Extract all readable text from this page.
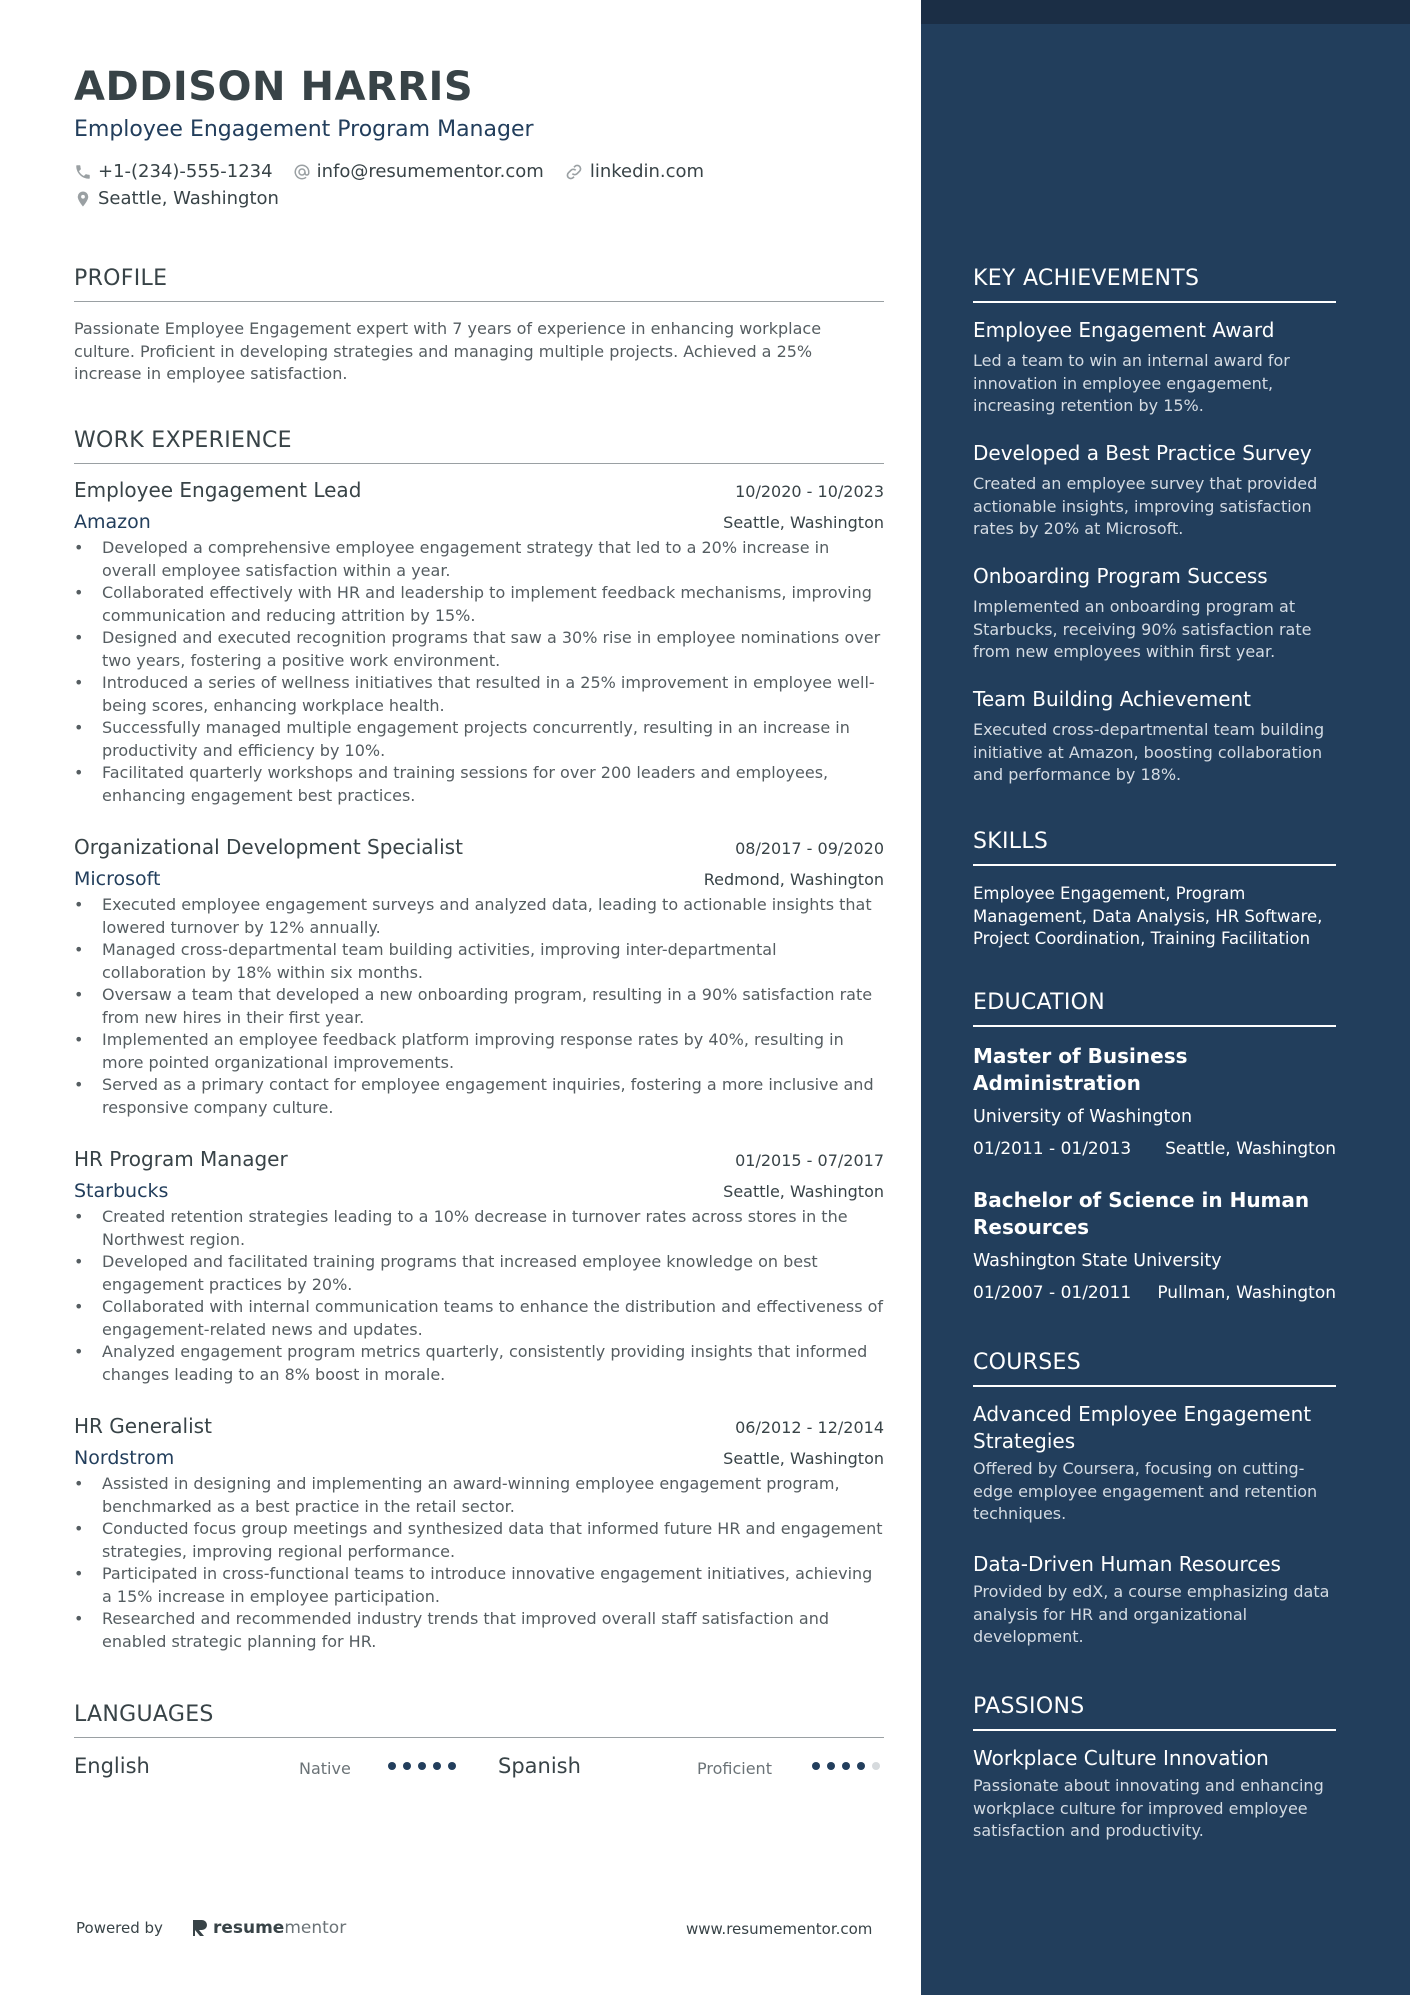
ADDISON HARRIS
Employee Engagement Program Manager
+1-(234)-555-1234 info@resumementor.com	linkedin.com
Seattle, Washington
PROFILE
Passionate Employee Engagement expert with 7 years of experience in enhancing workplace culture. Proficient in developing strategies and managing multiple projects. Achieved a 25% increase in employee satisfaction.
WORK EXPERIENCE
Employee Engagement Lead	10/2020 - 10/2023
Amazon	Seattle, Washington
• Developed a comprehensive employee engagement strategy that led to a 20% increase in overall employee satisfaction within a year.
• Collaborated effectively with HR and leadership to implement feedback mechanisms, improving communication and reducing attrition by 15%.
• Designed and executed recognition programs that saw a 30% rise in employee nominations over two years, fostering a positive work environment.
• Introduced a series of wellness initiatives that resulted in a 25% improvement in employee well-being scores, enhancing workplace health.
• Successfully managed multiple engagement projects concurrently, resulting in an increase in productivity and efficiency by 10%.
• Facilitated quarterly workshops and training sessions for over 200 leaders and employees, enhancing engagement best practices.
Organizational Development Specialist	08/2017 - 09/2020
Microsoft	Redmond, Washington
• Executed employee engagement surveys and analyzed data, leading to actionable insights that lowered turnover by 12% annually.
• Managed cross-departmental team building activities, improving inter-departmental collaboration by 18% within six months.
• Oversaw a team that developed a new onboarding program, resulting in a 90% satisfaction rate from new hires in their first year.
• Implemented an employee feedback platform improving response rates by 40%, resulting in more pointed organizational improvements.
• Served as a primary contact for employee engagement inquiries, fostering a more inclusive and responsive company culture.
HR Program Manager	01/2015 - 07/2017
Starbucks	Seattle, Washington
• Created retention strategies leading to a 10% decrease in turnover rates across stores in the Northwest region.
• Developed and facilitated training programs that increased employee knowledge on best engagement practices by 20%.
• Collaborated with internal communication teams to enhance the distribution and effectiveness of engagement-related news and updates.
• Analyzed engagement program metrics quarterly, consistently providing insights that informed changes leading to an 8% boost in morale.
HR Generalist	06/2012 - 12/2014
Nordstrom	Seattle, Washington
• Assisted in designing and implementing an award-winning employee engagement program, benchmarked as a best practice in the retail sector.
• Conducted focus group meetings and synthesized data that informed future HR and engagement strategies, improving regional performance.
• Participated in cross-functional teams to introduce innovative engagement initiatives, achieving a 15% increase in employee participation.
• Researched and recommended industry trends that improved overall staff satisfaction and enabled strategic planning for HR.
LANGUAGES
English	Native	Spanish	Proficient
Powered by	resume mentor	www.resumementor.com
KEY ACHIEVEMENTS
Employee Engagement Award
Led a team to win an internal award for innovation in employee engagement, increasing retention by 15%.
Developed a Best Practice Survey
Created an employee survey that provided actionable insights, improving satisfaction rates by 20% at Microsoft.
Onboarding Program Success
Implemented an onboarding program at Starbucks, receiving 90% satisfaction rate from new employees within first year.
Team Building Achievement
Executed cross-departmental team building initiative at Amazon, boosting collaboration and performance by 18%.
SKILLS
Employee Engagement, Program Management, Data Analysis, HR Software, Project Coordination, Training Facilitation
EDUCATION
Master of Business Administration
University of Washington
01/2011 - 01/2013 Seattle, Washington
Bachelor of Science in Human Resources
Washington State University
01/2007 - 01/2011 Pullman, Washington
COURSES
Advanced Employee Engagement Strategies
Offered by Coursera, focusing on cutting-edge employee engagement and retention techniques.
Data-Driven Human Resources
Provided by edX, a course emphasizing data analysis for HR and organizational development.
PASSIONS
Workplace Culture Innovation
Passionate about innovating and enhancing workplace culture for improved employee satisfaction and productivity.
